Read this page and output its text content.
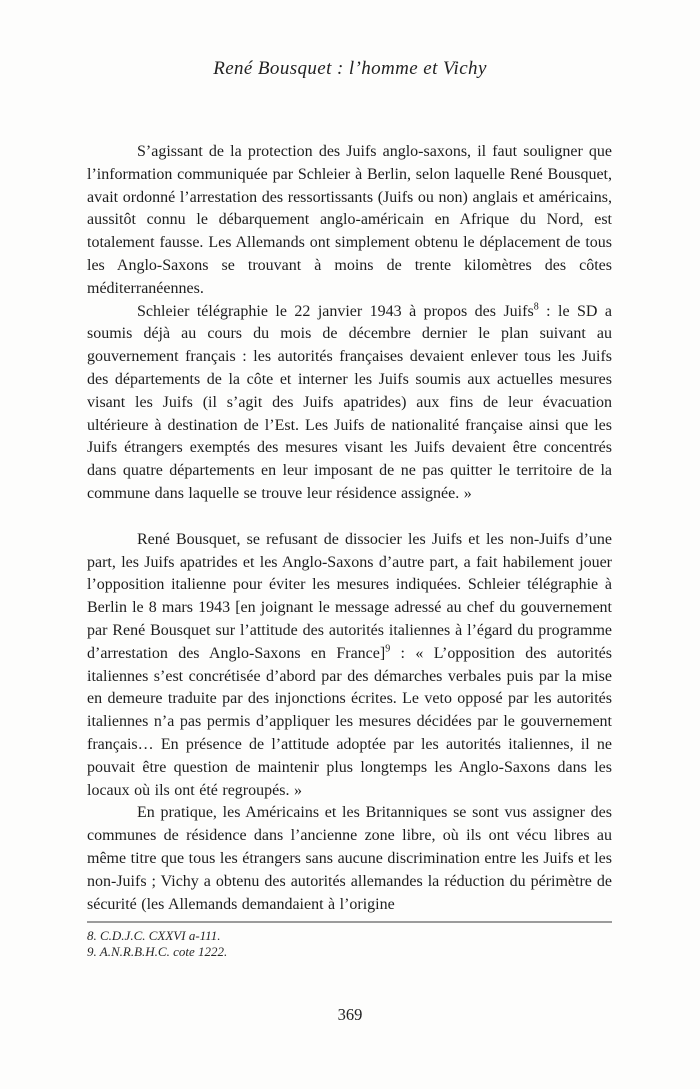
René Bousquet : l’homme et Vichy

S’agissant de la protection des Juifs anglo-saxons, il faut souligner que l’information communiquée par Schleier à Berlin, selon laquelle René Bousquet, avait ordonné l’arrestation des ressortissants (Juifs ou non) anglais et américains, aussitôt connu le débarquement anglo-américain en Afrique du Nord, est totalement fausse. Les Allemands ont simplement obtenu le déplacement de tous les Anglo-Saxons se trouvant à moins de trente kilomètres des côtes méditerranéennes.

Schleier télégraphie le 22 janvier 1943 à propos des Juifs$^8$ : le SD a soumis déjà au cours du mois de décembre dernier le plan suivant au gouvernement français : les autorités françaises devaient enlever tous les Juifs des départements de la côte et interner les Juifs soumis aux actuelles mesures visant les Juifs (il s’agit des Juifs apatrides) aux fins de leur évacuation ultérieure à destination de l’Est. Les Juifs de nationalité française ainsi que les Juifs étrangers exemptés des mesures visant les Juifs devaient être concentrés dans quatre départements en leur imposant de ne pas quitter le territoire de la commune dans laquelle se trouve leur résidence assignée. »

René Bousquet, se refusant de dissocier les Juifs et les non-Juifs d’une part, les Juifs apatrides et les Anglo-Saxons d’autre part, a fait habilement jouer l’opposition italienne pour éviter les mesures indiquées. Schleier télégraphie à Berlin le 8 mars 1943 [en joignant le message adressé au chef du gouvernement par René Bousquet sur l’attitude des autorités italiennes à l’égard du programme d’arrestation des Anglo-Saxons en France]$^9$ : « L’opposition des autorités italiennes s’est concrétisée d’abord par des démarches verbales puis par la mise en demeure traduite par des injonctions écrites. Le veto opposé par les autorités italiennes n’a pas permis d’appliquer les mesures décidées par le gouvernement français… En présence de l’attitude adoptée par les autorités italiennes, il ne pouvait être question de maintenir plus longtemps les Anglo-Saxons dans les locaux où ils ont été regroupés. »

En pratique, les Américains et les Britanniques se sont vus assigner des communes de résidence dans l’ancienne zone libre, où ils ont vécu libres au même titre que tous les étrangers sans aucune discrimination entre les Juifs et les non-Juifs ; Vichy a obtenu des autorités allemandes la réduction du périmètre de sécurité (les Allemands demandaient à l’origine

8. C.D.J.C. CXXVI a-111.
9. A.N.R.B.H.C. cote 1222.
369
